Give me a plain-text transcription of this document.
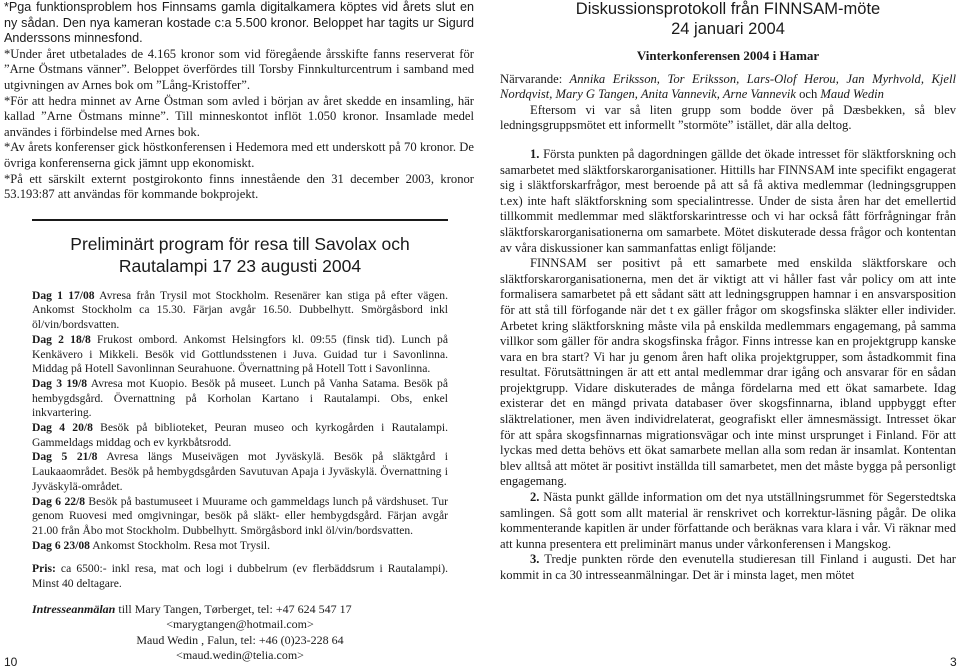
*Pga funktionsproblem hos Finnsams gamla digitalkamera köptes vid årets slut en ny sådan. Den nya kameran kostade c:a 5.500 kronor. Beloppet har tagits ur Sigurd Anderssons minnesfond.

*Under året utbetalades de 4.165 kronor som vid föregående årsskifte fanns reserverat för ”Arne Östmans vänner”. Beloppet överfördes till Torsby Finnkulturcentrum i samband med utgivningen av Arnes bok om ”Lång-Kristoffer”.

*För att hedra minnet av Arne Östman som avled i början av året skedde en insamling, här kallad ”Arne Östmans minne”. Till minneskontot inflöt 1.050 kronor. Insamlade medel användes i förbindelse med Arnes bok.

*Av årets konferenser gick höstkonferensen i Hedemora med ett underskott på 70 kronor. De övriga konferenserna gick jämnt upp ekonomiskt.

*På ett särskilt externt postgirokonto finns innestående den 31 december 2003, kronor 53.193:87 att användas för kommande bokprojekt.

Preliminärt program för resa till Savolax och
Rautalampi 17 23 augusti 2004

Dag 1 17/08 Avresa från Trysil mot Stockholm. Resenärer kan stiga på efter vägen. Ankomst Stockholm ca 15.30. Färjan avgår 16.50. Dubbelhytt. Smörgåsbord inkl öl/vin/bordsvatten.

Dag 2 18/8 Frukost ombord. Ankomst Helsingfors kl. 09:55 (finsk tid). Lunch på Kenkävero i Mikkeli. Besök vid Gottlundsstenen i Juva. Guidad tur i Savonlinna. Middag på Hotell Savonlinnan Seurahuone. Övernattning på Hotell Tott i Savonlinna.

Dag 3 19/8 Avresa mot Kuopio. Besök på museet. Lunch på Vanha Satama. Besök på hembygdsgård. Övernattning på Korholan Kartano i Rautalampi. Obs, enkel inkvartering.

Dag 4 20/8 Besök på biblioteket, Peuran museo och kyrkogården i Rautalampi. Gammeldags middag och ev kyrkbåtsrodd.

Dag 5 21/8 Avresa längs Museivägen mot Jyväskylä. Besök på släktgård i Laukaaområdet. Besök på hembygdsgården Savutuvan Apaja i Jyväskylä. Övernattning i Jyväskylä-området.

Dag 6 22/8 Besök på bastumuseet i Muurame och gammeldags lunch på värdshuset. Tur genom Ruovesi med omgivningar, besök på släkt- eller hembygdsgård. Färjan avgår 21.00 från Åbo mot Stockholm. Dubbelhytt. Smörgåsbord inkl öl/vin/bordsvatten.

Dag 6 23/08 Ankomst Stockholm. Resa mot Trysil.

Pris: ca 6500:- inkl resa, mat och logi i dubbelrum (ev flerbäddsrum i Rautalampi). Minst 40 deltagare.

Intresseanmälan till Mary Tangen, Tørberget, tel: +47 624 547 17
<marygtangen@hotmail.com>
Maud Wedin , Falun, tel: +46 (0)23-228 64
<maud.wedin@telia.com>
Diskussionsprotokoll från FINNSAM-möte
24 januari 2004
Vinterkonferensen 2004 i Hamar

Närvarande: Annika Eriksson, Tor Eriksson, Lars-Olof Herou, Jan Myrhvold, Kjell Nordqvist, Mary G Tangen, Anita Vannevik, Arne Vannevik och Maud Wedin

Eftersom vi var så liten grupp som bodde över på Dæsbekken, så blev ledningsgruppsmötet ett informellt ”stormöte” istället, där alla deltog.

1. Första punkten på dagordningen gällde det ökade intresset för släktforskning och samarbetet med släktforskarorganisationer. Hittills har FINNSAM inte specifikt engagerat sig i släktforskarfrågor, mest beroende på att så få aktiva medlemmar (ledningsgruppen t.ex) inte haft släktforskning som specialintresse. Under de sista åren har det emellertid tillkommit medlemmar med släktforskarintresse och vi har också fått förfrågningar från släktforskarorganisationerna om samarbete. Mötet diskuterade dessa frågor och kontentan av våra diskussioner kan sammanfattas enligt följande:

FINNSAM ser positivt på ett samarbete med enskilda släktforskare och släktforskarorganisationerna, men det är viktigt att vi håller fast vår policy om att inte formalisera samarbetet på ett sådant sätt att ledningsgruppen hamnar i en ansvarsposition för att stå till förfogande när det t ex gäller frågor om skogsfinska släkter eller individer. Arbetet kring släktforskning måste vila på enskilda medlemmars engagemang, på samma villkor som gäller för andra skogsfinska frågor. Finns intresse kan en projektgrupp kanske vara en bra start? Vi har ju genom åren haft olika projektgrupper, som åstadkommit fina resultat. Förutsättningen är att ett antal medlemmar drar igång och ansvarar för en sådan projektgrupp. Vidare diskuterades de många fördelarna med ett ökat samarbete. Idag existerar det en mängd privata databaser över skogsfinnarna, ibland uppbyggt efter släktrelationer, men även individrelaterat, geografiskt eller ämnesmässigt. Intresset ökar för att spåra skogsfinnarnas migrationsvägar och inte minst ursprunget i Finland. För att lyckas med detta behövs ett ökat samarbete mellan alla som redan är insamlat. Kontentan blev alltså att mötet är positivt inställda till samarbetet, men det måste bygga på personligt engagemang.

2. Nästa punkt gällde information om det nya utställningsrummet för Segerstedtska samlingen. Så gott som allt material är renskrivet och korrektur-läsning pågår. De olika kommenterande kapitlen är under författande och beräknas vara klara i vår. Vi räknar med att kunna presentera ett preliminärt manus under vårkonferensen i Mangskog.

3. Tredje punkten rörde den evenutella studieresan till Finland i augusti. Det har kommit in ca 30 intresseanmälningar. Det är i minsta laget, men mötet

10	3
